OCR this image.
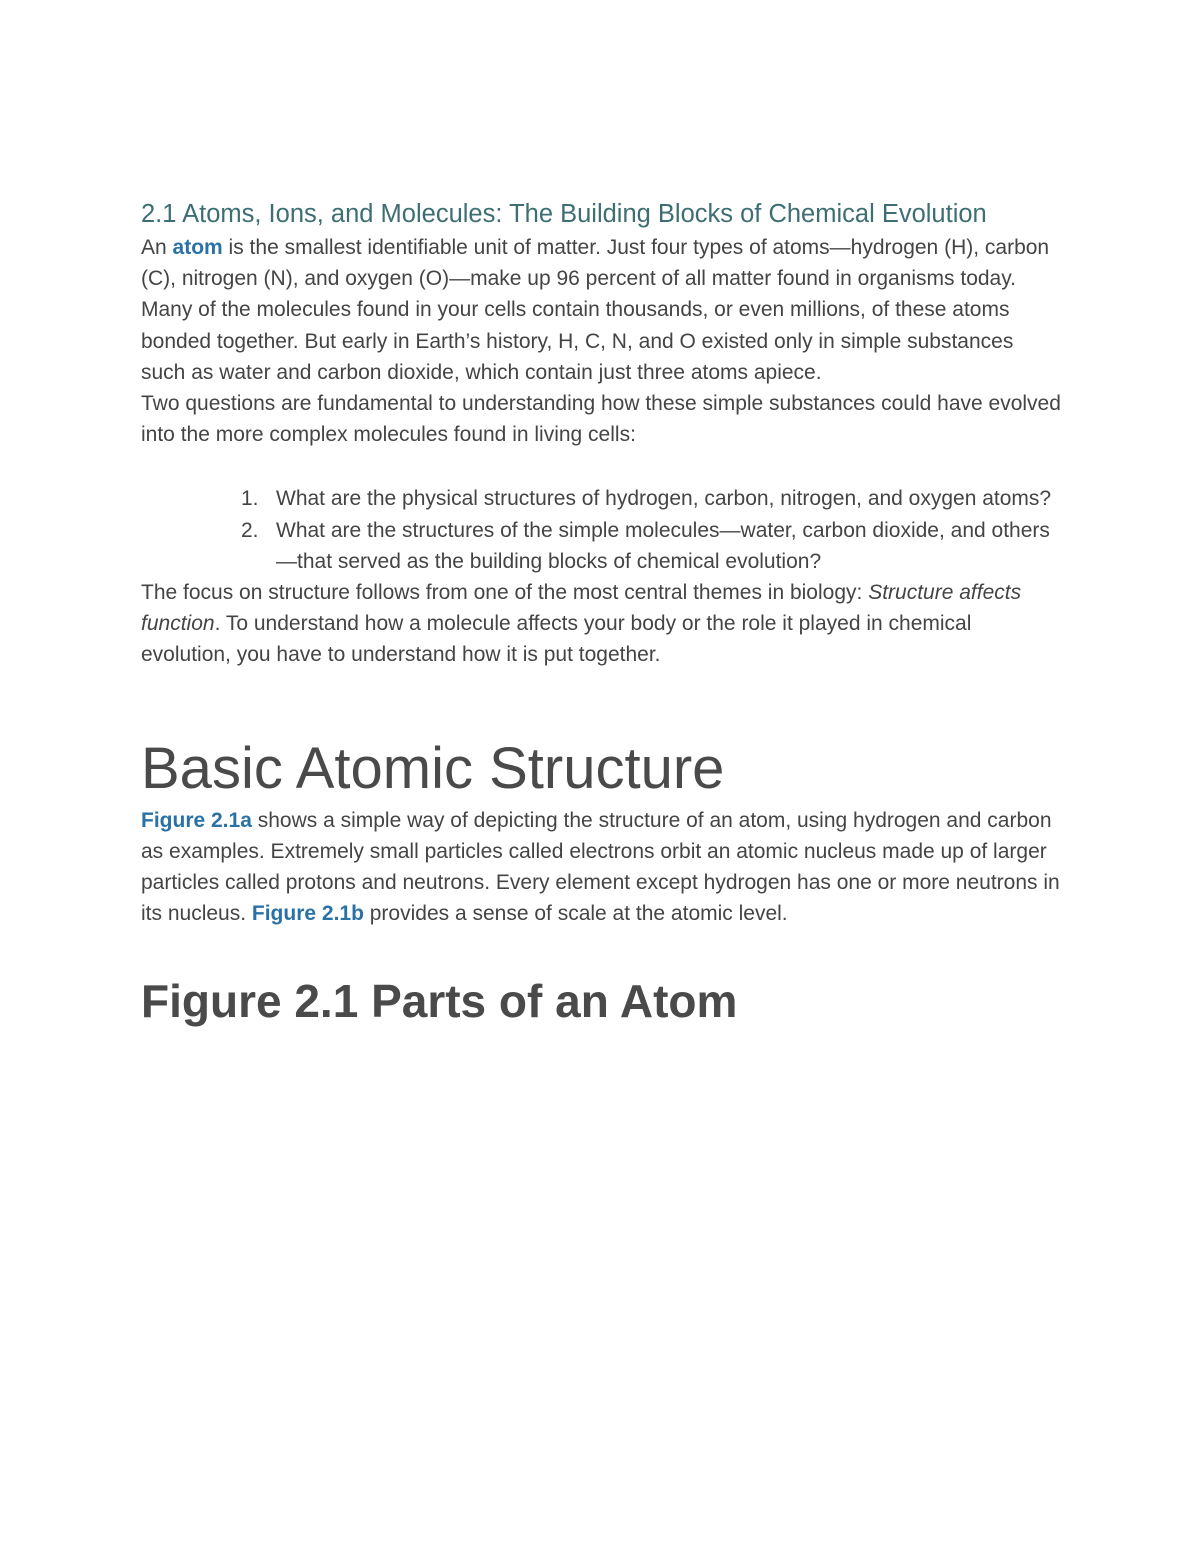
2.1 Atoms, Ions, and Molecules: The Building Blocks of Chemical Evolution

An atom is the smallest identifiable unit of matter. Just four types of atoms—hydrogen (H), carbon (C), nitrogen (N), and oxygen (O)—make up 96 percent of all matter found in organisms today. Many of the molecules found in your cells contain thousands, or even millions, of these atoms bonded together. But early in Earth’s history, H, C, N, and O existed only in simple substances such as water and carbon dioxide, which contain just three atoms apiece.

Two questions are fundamental to understanding how these simple substances could have evolved into the more complex molecules found in living cells:

1. What are the physical structures of hydrogen, carbon, nitrogen, and oxygen atoms?
2. What are the structures of the simple molecules—water, carbon dioxide, and others—that served as the building blocks of chemical evolution?

The focus on structure follows from one of the most central themes in biology: Structure affects function. To understand how a molecule affects your body or the role it played in chemical evolution, you have to understand how it is put together.

Basic Atomic Structure

Figure 2.1a shows a simple way of depicting the structure of an atom, using hydrogen and carbon as examples. Extremely small particles called electrons orbit an atomic nucleus made up of larger particles called protons and neutrons. Every element except hydrogen has one or more neutrons in its nucleus. Figure 2.1b provides a sense of scale at the atomic level.

Figure 2.1 Parts of an Atom
